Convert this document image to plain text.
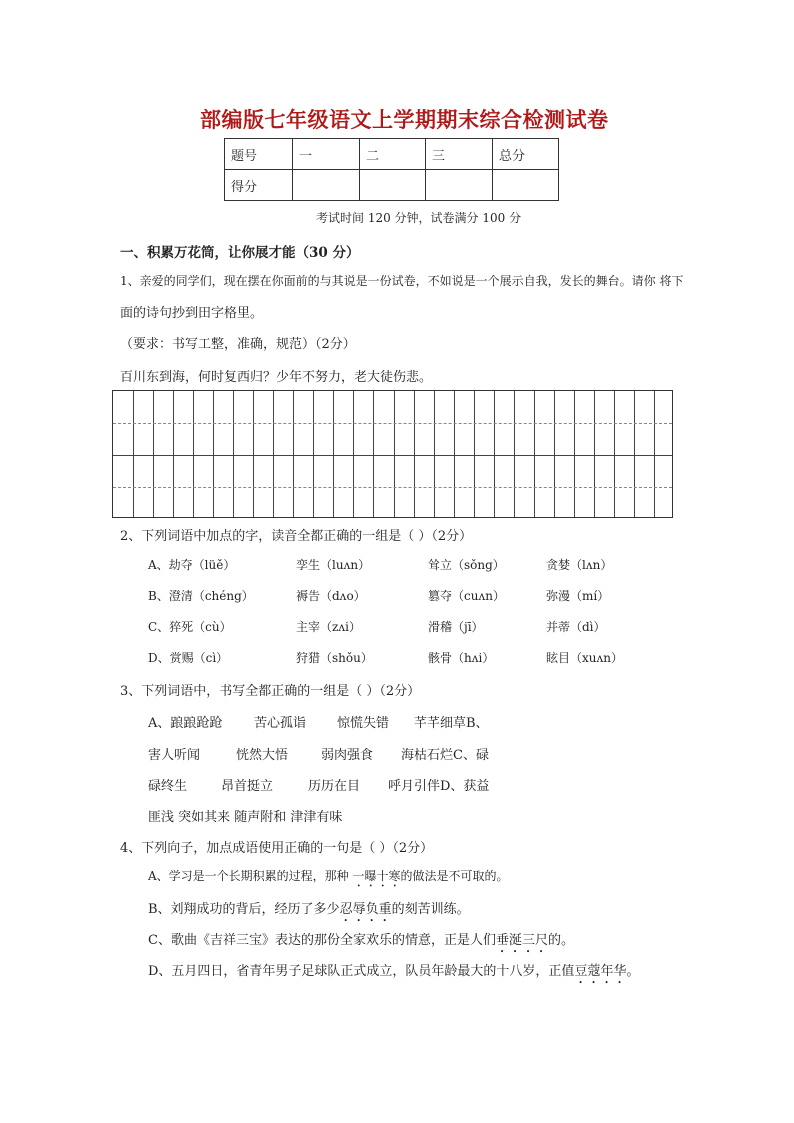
部编版七年级语文上学期期末综合检测试卷
题号	一	二	三	总分
得分				
考试时间 120 分钟，试卷满分 100 分
一、积累万花筒，让你展才能（30 分）
1、亲爱的同学们，现在摆在你面前的与其说是一份试卷，不如说是一个展示自我，发长的舞台。请你 将下
面的诗句抄到田字格里。
（要求：书写工整，准确，规范）（2分）
百川东到海，何时复西归？少年不努力，老大徒伤悲。
2、下列词语中加点的字，读音全都正确的一组是（ ）（2分）
A、劫夺（lüě）	孪生（luʌn）	耸立（sǒng）	贪婪（lʌn）
B、澄清（chéng）	褥告（dʌo）	篡夺（cuʌn）	弥漫（mí）
C、猝死（cù）	主宰（zʌi）	滑稽（jī）	并蒂（dì）
D、赏赐（cì）	狩猎（shǒu）	骸骨（hʌi）	眩目（xuʌn）
3、下列词语中，书写全都正确的一组是（ ）（2分）
A、踉踉跄跄 苦心孤诣 惊慌失错 芊芊细草B、
害人听闻	恍然大悟	弱肉强食 海枯石烂C、碌
碌终生	昂首挺立	历历在目 呼月引伴D、获益
匪浅 突如其来 随声附和 津津有味
4、下列向子，加点成语使用正确的一句是（ ）（2分）
A、学习是一个长期积累的过程，那种 一曝十寒的做法是不可取的。
B、刘翔成功的背后，经历了多少忍辱负重的刻苦训练。
C、歌曲《吉祥三宝》表达的那份全家欢乐的情意，正是人们垂涎三尺的。
D、五月四日，省青年男子足球队正式成立，队员年龄最大的十八岁，正值豆蔻年华。
